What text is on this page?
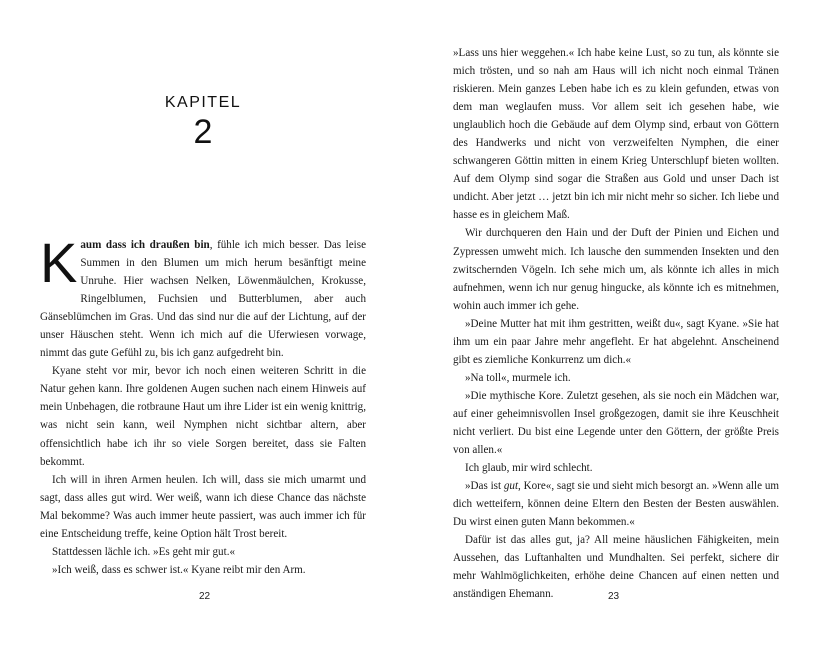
KAPITEL
2

Kaum dass ich draußen bin, fühle ich mich besser. Das leise Summen in den Blumen um mich herum besänftigt meine Unruhe. Hier wachsen Nelken, Löwenmäulchen, Krokusse, Ringelblumen, Fuchsien und Butterblumen, aber auch Gänseblümchen im Gras. Und das sind nur die auf der Lichtung, auf der unser Häuschen steht. Wenn ich mich auf die Uferwiesen vorwage, nimmt das gute Gefühl zu, bis ich ganz aufgedreht bin.

Kyane steht vor mir, bevor ich noch einen weiteren Schritt in die Natur gehen kann. Ihre goldenen Augen suchen nach einem Hinweis auf mein Unbehagen, die rotbraune Haut um ihre Lider ist ein wenig knittrig, was nicht sein kann, weil Nymphen nicht sichtbar altern, aber offensichtlich habe ich ihr so viele Sorgen bereitet, dass sie Falten bekommt.

Ich will in ihren Armen heulen. Ich will, dass sie mich umarmt und sagt, dass alles gut wird. Wer weiß, wann ich diese Chance das nächste Mal bekomme? Was auch immer heute passiert, was auch immer ich für eine Entscheidung treffe, keine Option hält Trost bereit.

Stattdessen lächle ich. »Es geht mir gut.«

»Ich weiß, dass es schwer ist.« Kyane reibt mir den Arm.

22

»Lass uns hier weggehen.« Ich habe keine Lust, so zu tun, als könnte sie mich trösten, und so nah am Haus will ich nicht noch einmal Tränen riskieren. Mein ganzes Leben habe ich es zu klein gefunden, etwas von dem man weglaufen muss. Vor allem seit ich gesehen habe, wie unglaublich hoch die Gebäude auf dem Olymp sind, erbaut von Göttern des Handwerks und nicht von verzweifelten Nymphen, die einer schwangeren Göttin mitten in einem Krieg Unterschlupf bieten wollten. Auf dem Olymp sind sogar die Straßen aus Gold und unser Dach ist undicht. Aber jetzt … jetzt bin ich mir nicht mehr so sicher. Ich liebe und hasse es in gleichem Maß.

Wir durchqueren den Hain und der Duft der Pinien und Eichen und Zypressen umweht mich. Ich lausche den summenden Insekten und den zwitschernden Vögeln. Ich sehe mich um, als könnte ich alles in mich aufnehmen, wenn ich nur genug hingucke, als könnte ich es mitnehmen, wohin auch immer ich gehe.

»Deine Mutter hat mit ihm gestritten, weißt du«, sagt Kyane. »Sie hat ihm um ein paar Jahre mehr angefleht. Er hat abgelehnt. Anscheinend gibt es ziemliche Konkurrenz um dich.«

»Na toll«, murmele ich.

»Die mythische Kore. Zuletzt gesehen, als sie noch ein Mädchen war, auf einer geheimnisvollen Insel großgezogen, damit sie ihre Keuschheit nicht verliert. Du bist eine Legende unter den Göttern, der größte Preis von allen.«

Ich glaub, mir wird schlecht.

»Das ist gut, Kore«, sagt sie und sieht mich besorgt an. »Wenn alle um dich wetteifern, können deine Eltern den Besten der Besten auswählen. Du wirst einen guten Mann bekommen.«

Dafür ist das alles gut, ja? All meine häuslichen Fähigkeiten, mein Aussehen, das Luftanhalten und Mundhalten. Sei perfekt, sichere dir mehr Wahlmöglichkeiten, erhöhe deine Chancen auf einen netten und anständigen Ehemann.	23
